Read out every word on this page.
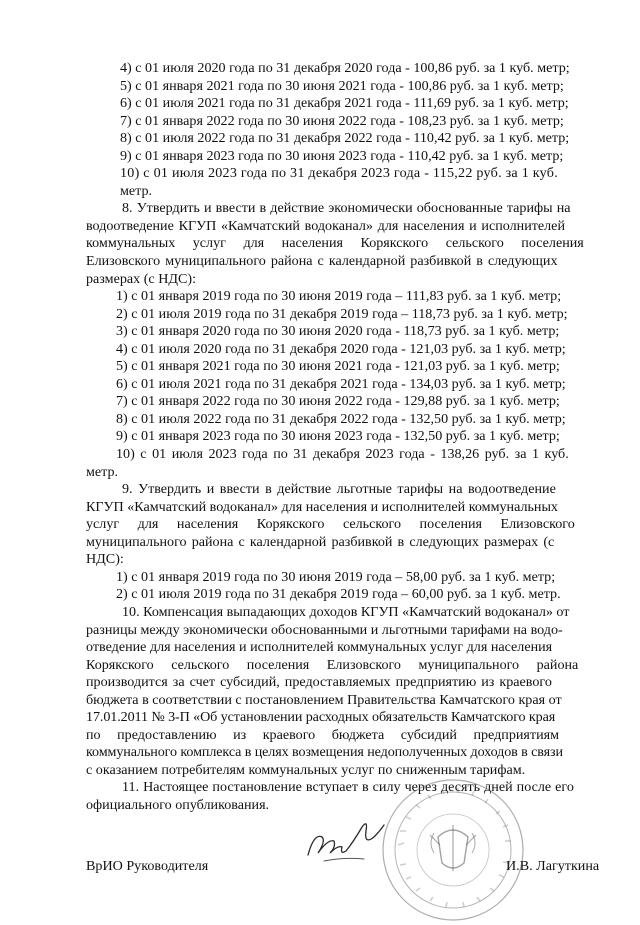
4) с 01 июля 2020 года по 31 декабря 2020 года - 100,86 руб. за 1 куб. метр;
5) с 01 января 2021 года по 30 июня 2021 года - 100,86 руб. за 1 куб. метр;
6) с 01 июля 2021 года по 31 декабря 2021 года - 111,69 руб. за 1 куб. метр;
7) с 01 января 2022 года по 30 июня 2022 года - 108,23 руб. за 1 куб. метр;
8) с 01 июля 2022 года по 31 декабря 2022 года - 110,42 руб. за 1 куб. метр;
9) с 01 января 2023 года по 30 июня 2023 года - 110,42 руб. за 1 куб. метр;
10) с 01 июля 2023 года по 31 декабря 2023 года - 115,22 руб. за 1 куб.
метр.
8. Утвердить и ввести в действие экономически обоснованные тарифы на
водоотведение КГУП «Камчатский водоканал» для населения и исполнителей
коммунальных услуг для населения Корякского сельского поселения
Елизовского муниципального района с календарной разбивкой в следующих
размерах (с НДС):
1) с 01 января 2019 года по 30 июня 2019 года – 111,83 руб. за 1 куб. метр;
2) с 01 июля 2019 года по 31 декабря 2019 года – 118,73 руб. за 1 куб. метр;
3) с 01 января 2020 года по 30 июня 2020 года - 118,73 руб. за 1 куб. метр;
4) с 01 июля 2020 года по 31 декабря 2020 года - 121,03 руб. за 1 куб. метр;
5) с 01 января 2021 года по 30 июня 2021 года - 121,03 руб. за 1 куб. метр;
6) с 01 июля 2021 года по 31 декабря 2021 года - 134,03 руб. за 1 куб. метр;
7) с 01 января 2022 года по 30 июня 2022 года - 129,88 руб. за 1 куб. метр;
8) с 01 июля 2022 года по 31 декабря 2022 года - 132,50 руб. за 1 куб. метр;
9) с 01 января 2023 года по 30 июня 2023 года - 132,50 руб. за 1 куб. метр;
10) с 01 июля 2023 года по 31 декабря 2023 года - 138,26 руб. за 1 куб.
метр.
9. Утвердить и ввести в действие льготные тарифы на водоотведение
КГУП «Камчатский водоканал» для населения и исполнителей коммунальных
услуг для населения Корякского сельского поселения Елизовского
муниципального района с календарной разбивкой в следующих размерах (с
НДС):
1) с 01 января 2019 года по 30 июня 2019 года – 58,00 руб. за 1 куб. метр;
2) с 01 июля 2019 года по 31 декабря 2019 года – 60,00 руб. за 1 куб. метр.
10. Компенсация выпадающих доходов КГУП «Камчатский водоканал» от
разницы между экономически обоснованными и льготными тарифами на водо-
отведение для населения и исполнителей коммунальных услуг для населения
Корякского сельского поселения Елизовского муниципального района
производится за счет субсидий, предоставляемых предприятию из краевого
бюджета в соответствии с постановлением Правительства Камчатского края от
17.01.2011 № 3-П «Об установлении расходных обязательств Камчатского края
по предоставлению из краевого бюджета субсидий предприятиям
коммунального комплекса в целях возмещения недополученных доходов в связи
с оказанием потребителям коммунальных услуг по сниженным тарифам.
11. Настоящее постановление вступает в силу через десять дней после его
официального опубликования.
ВрИО Руководителя	И.В. Лагуткина
